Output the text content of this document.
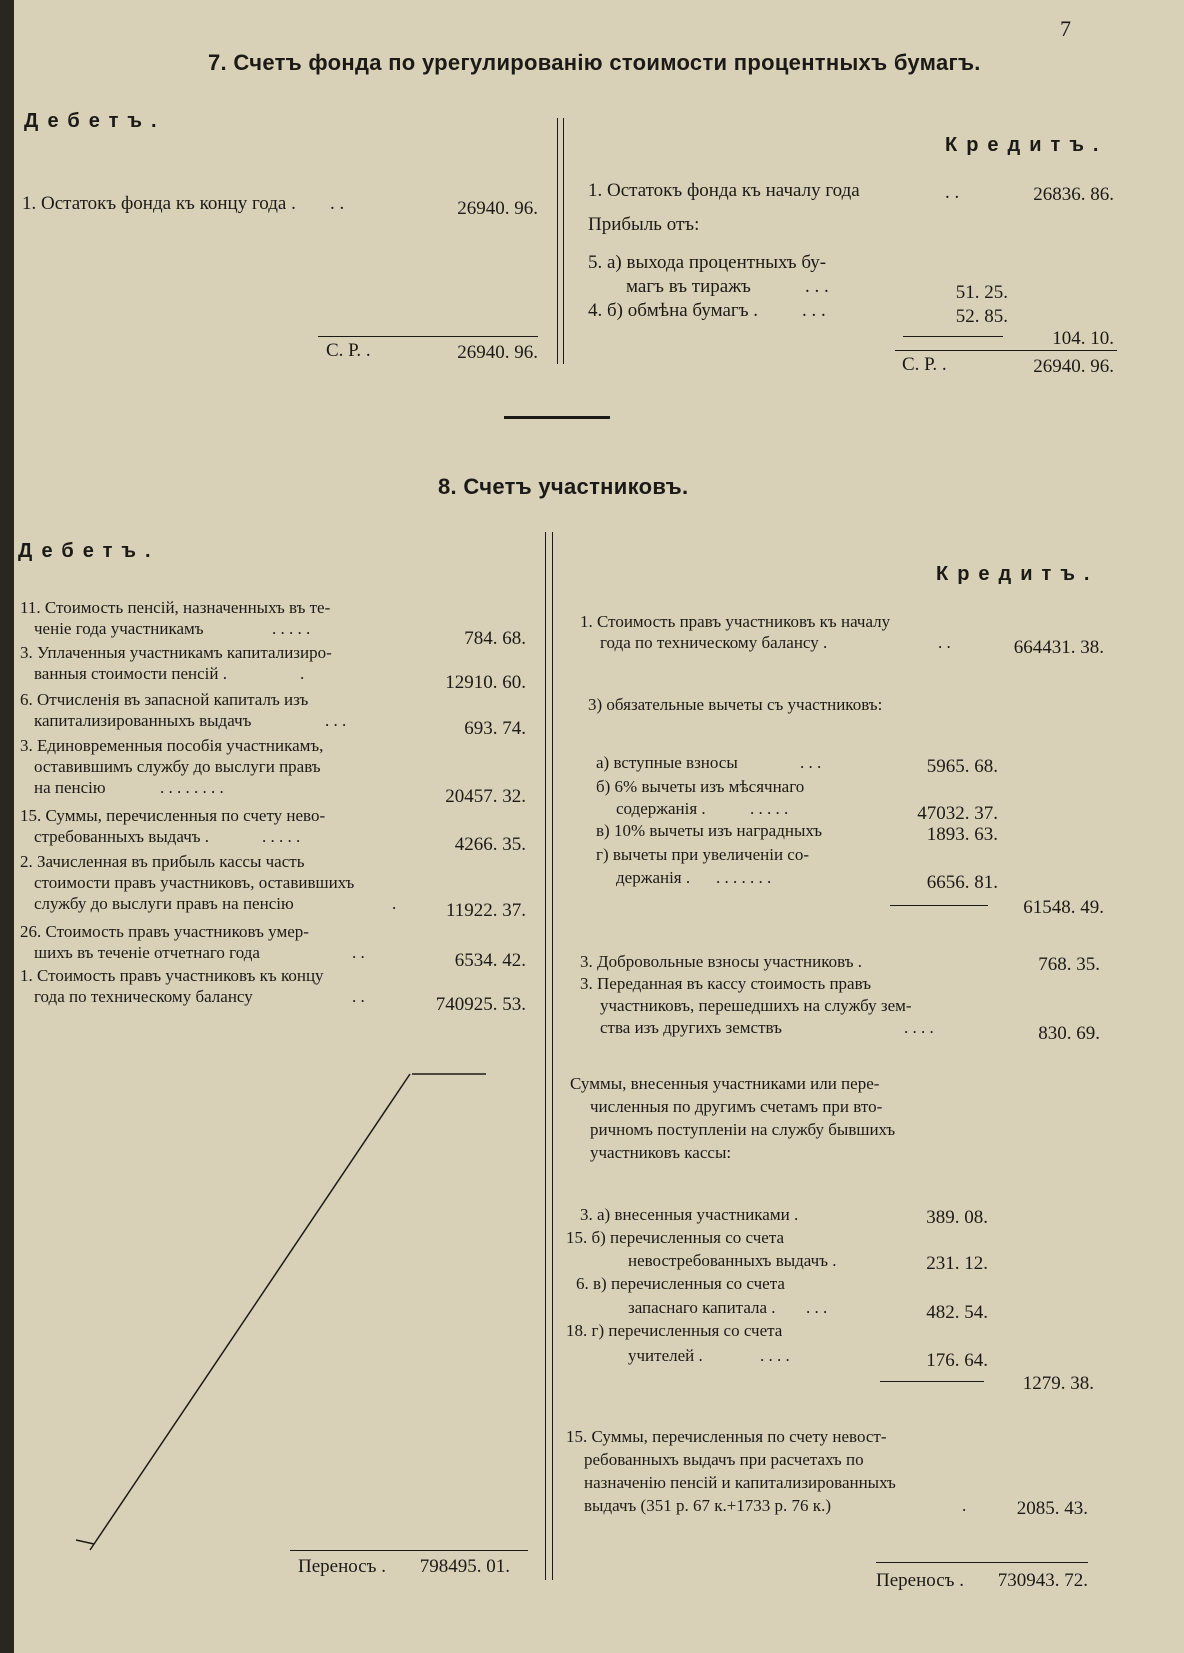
7
7. Счетъ фонда по урегулированію стоимости процентныхъ бумагъ.
Дебетъ.
Кредитъ.
1. Остатокъ фонда къ концу года . . .	26940. 96.
С. Р. .	26940. 96.
1. Остатокъ фонда къ началу года	. .	26836. 86.
Прибыль отъ:
5. а) выхода процентныхъ бу-
магъ въ тиражъ	. . .	51. 25.
4. б) обмѣна бумагъ . . . .	52. 85.
104. 10.
С. Р. .	26940. 96.
8. Счетъ участниковъ.
Дебетъ.
Кредитъ.
11. Стоимость пенсій, назначенныхъ въ те-
ченіе года участникамъ	. . . . .	784. 68.
3. Уплаченныя участникамъ капитализиро-
ванныя стоимости пенсій .	.	12910. 60.
6. Отчисленія въ запасной капиталъ изъ
капитализированныхъ выдачъ	. . .	693. 74.
3. Единовременныя пособія участникамъ,
оставившимъ службу до выслуги правъ
на пенсію	. . . . . . . .	20457. 32.
15. Суммы, перечисленныя по счету нево-
стребованныхъ выдачъ .	. . . . .	4266. 35.
2. Зачисленная въ прибыль кассы часть
стоимости правъ участниковъ, оставившихъ
службу до выслуги правъ на пенсію	.	11922. 37.
26. Стоимость правъ участниковъ умер-
шихъ въ теченіе отчетнаго года	. .	6534. 42.
1. Стоимость правъ участниковъ къ концу
года по техническому балансу	. .	740925. 53.
Переносъ .	798495. 01.
1. Стоимость правъ участниковъ къ началу
года по техническому балансу .	. .	664431. 38.
3) обязательные вычеты съ участниковъ:
а) вступные взносы	. . .	5965. 68.
б) 6% вычеты изъ мѣсячнаго
содержанія .	. . . . .	47032. 37.
в) 10% вычеты изъ наградныхъ	1893. 63.
г) вычеты при увеличеніи со-
держанія . . . . . . . .	6656. 81.
61548. 49.
3. Добровольные взносы участниковъ .	768. 35.
3. Переданная въ кассу стоимость правъ
участниковъ, перешедшихъ на службу зем-
ства изъ другихъ земствъ	. . . .	830. 69.
Суммы, внесенныя участниками или пере-
численныя по другимъ счетамъ при вто-
ричномъ поступленіи на службу бывшихъ
участниковъ кассы:
3. а) внесенныя участниками .	389. 08.
15. б) перечисленныя со счета
невостребованныхъ выдачъ .	231. 12.
6. в) перечисленныя со счета
запаснаго капитала . . . .	482. 54.
18. г) перечисленныя со счета
учителей .	. . . .	176. 64.
1279. 38.
15. Суммы, перечисленныя по счету невост-
ребованныхъ выдачъ при расчетахъ по
назначенію пенсій и капитализированныхъ
выдачъ (351 р. 67 к.+1733 р. 76 к.)	.	2085. 43.
Переносъ .	730943. 72.
